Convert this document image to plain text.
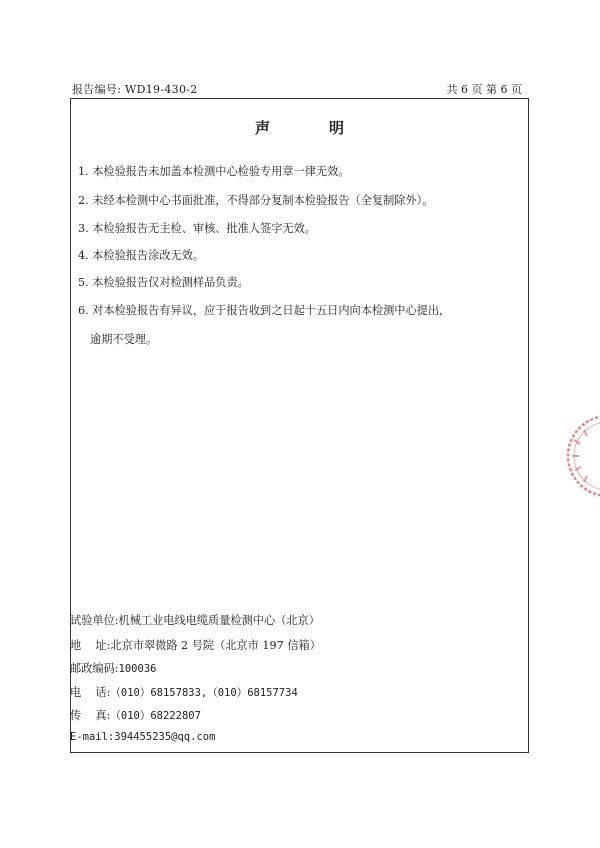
报告编号: WD19-430-2	共 6 页 第 6 页
声	明
1. 本检验报告未加盖本检测中心检验专用章一律无效。
2. 未经本检测中心书面批准，不得部分复制本检验报告（全复制除外）。
3. 本检验报告无主检、审核、批准人签字无效。
4. 本检验报告涂改无效。
5. 本检验报告仅对检测样品负责。
6. 对本检验报告有异议，应于报告收到之日起十五日内向本检测中心提出，
逾期不受理。
试验单位:机械工业电线电缆质量检测中心（北京）
地    址:北京市翠微路 2 号院（北京市 197 信箱）
邮政编码:100036
电    话:（010）68157833,（010）68157734
传    真:（010）68222807
E-mail:394455235@qq.com
